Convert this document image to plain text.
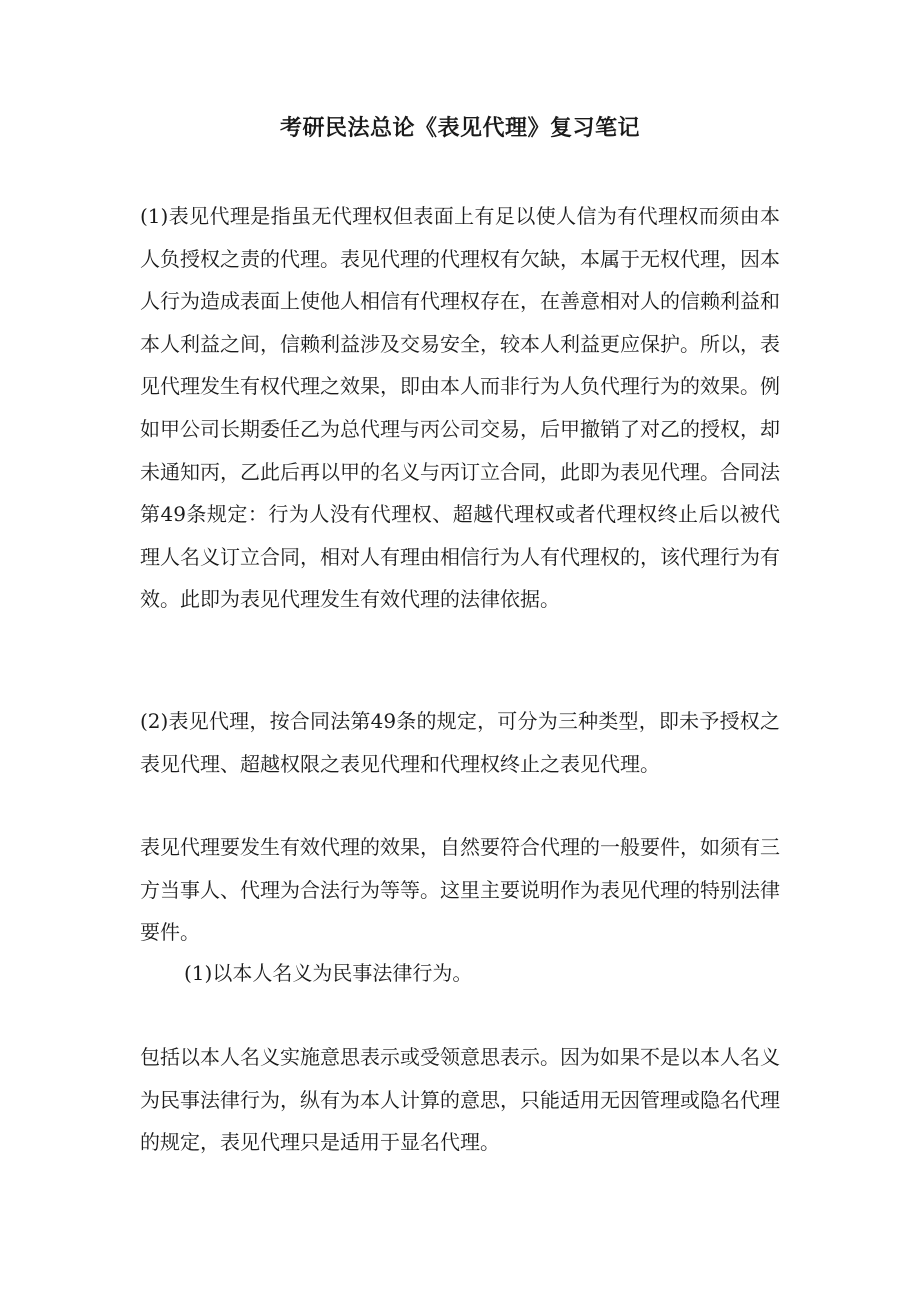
考研民法总论《表见代理》复习笔记

(1)表见代理是指虽无代理权但表面上有足以使人信为有代理权而须由本人负授权之责的代理。表见代理的代理权有欠缺，本属于无权代理，因本人行为造成表面上使他人相信有代理权存在，在善意相对人的信赖利益和本人利益之间，信赖利益涉及交易安全，较本人利益更应保护。所以，表见代理发生有权代理之效果，即由本人而非行为人负代理行为的效果。例如甲公司长期委任乙为总代理与丙公司交易，后甲撤销了对乙的授权，却未通知丙，乙此后再以甲的名义与丙订立合同，此即为表见代理。合同法第49条规定：行为人没有代理权、超越代理权或者代理权终止后以被代理人名义订立合同，相对人有理由相信行为人有代理权的，该代理行为有效。此即为表见代理发生有效代理的法律依据。

(2)表见代理，按合同法第49条的规定，可分为三种类型，即未予授权之表见代理、超越权限之表见代理和代理权终止之表见代理。

表见代理要发生有效代理的效果，自然要符合代理的一般要件，如须有三方当事人、代理为合法行为等等。这里主要说明作为表见代理的特别法律要件。

(1)以本人名义为民事法律行为。

包括以本人名义实施意思表示或受领意思表示。因为如果不是以本人名义为民事法律行为，纵有为本人计算的意思，只能适用无因管理或隐名代理的规定，表见代理只是适用于显名代理。
